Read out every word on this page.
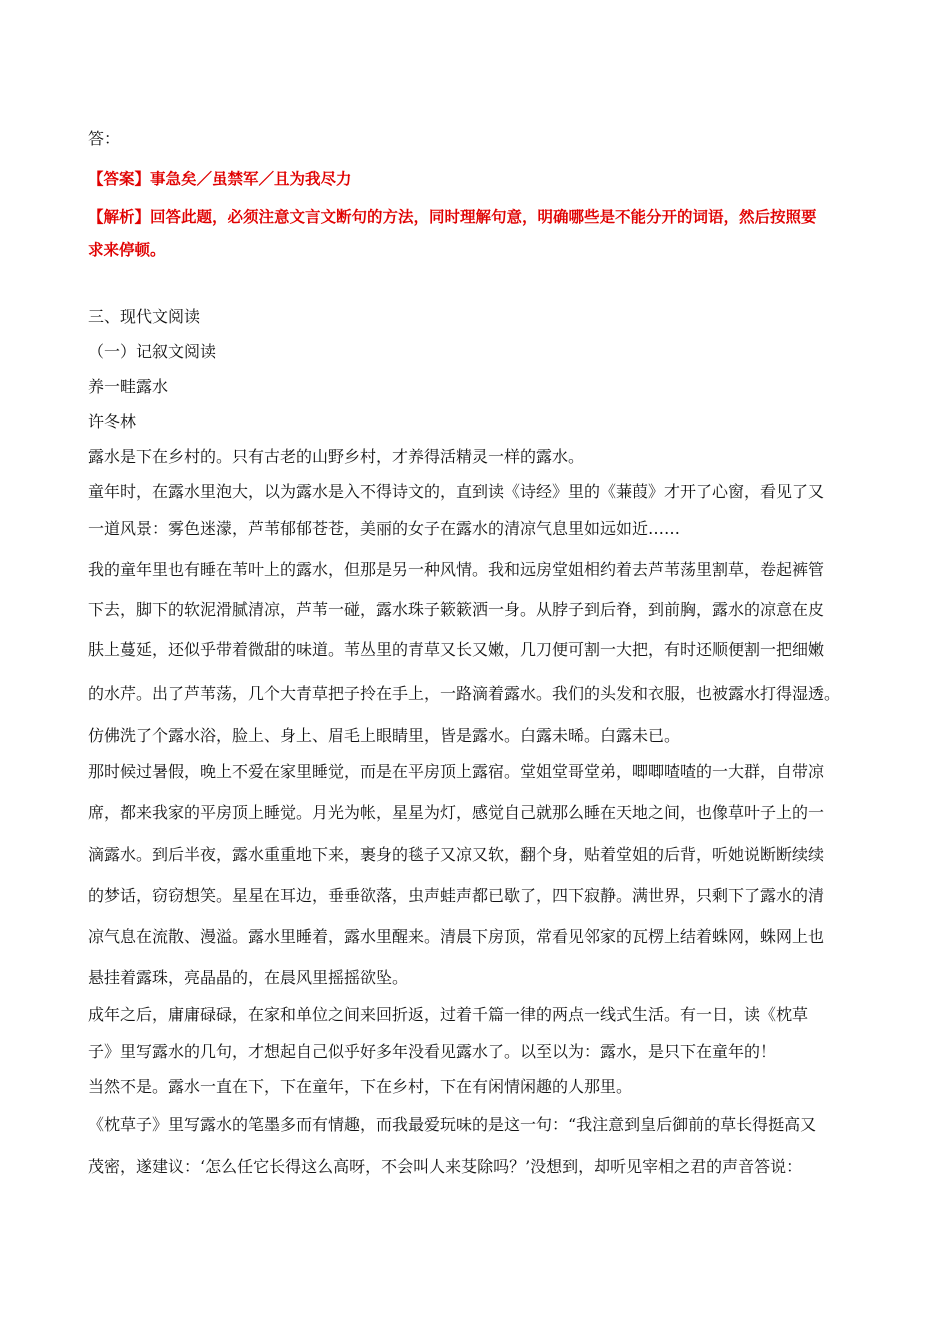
答：
【答案】事急矣／虽禁军／且为我尽力
【解析】回答此题，必须注意文言文断句的方法，同时理解句意，明确哪些是不能分开的词语，然后按照要
求来停顿。
三、现代文阅读
（一）记叙文阅读
养一畦露水
许冬林
露水是下在乡村的。只有古老的山野乡村，才养得活精灵一样的露水。
童年时，在露水里泡大，以为露水是入不得诗文的，直到读《诗经》里的《蒹葭》才开了心窗，看见了又
一道风景：雾色迷濛，芦苇郁郁苍苍，美丽的女子在露水的清凉气息里如远如近……
我的童年里也有睡在苇叶上的露水，但那是另一种风情。我和远房堂姐相约着去芦苇荡里割草，卷起裤管
下去，脚下的软泥滑腻清凉，芦苇一碰，露水珠子簌簌洒一身。从脖子到后脊，到前胸，露水的凉意在皮
肤上蔓延，还似乎带着微甜的味道。苇丛里的青草又长又嫩，几刀便可割一大把，有时还顺便割一把细嫩
的水芹。出了芦苇荡，几个大青草把子拎在手上，一路滴着露水。我们的头发和衣服，也被露水打得湿透。
仿佛洗了个露水浴，脸上、身上、眉毛上眼睛里，皆是露水。白露未晞。白露未已。
那时候过暑假，晚上不爱在家里睡觉，而是在平房顶上露宿。堂姐堂哥堂弟，唧唧喳喳的一大群，自带凉
席，都来我家的平房顶上睡觉。月光为帐，星星为灯，感觉自己就那么睡在天地之间，也像草叶子上的一
滴露水。到后半夜，露水重重地下来，裹身的毯子又凉又软，翻个身，贴着堂姐的后背，听她说断断续续
的梦话，窃窃想笑。星星在耳边，垂垂欲落，虫声蛙声都已歇了，四下寂静。满世界，只剩下了露水的清
凉气息在流散、漫溢。露水里睡着，露水里醒来。清晨下房顶，常看见邻家的瓦楞上结着蛛网，蛛网上也
悬挂着露珠，亮晶晶的，在晨风里摇摇欲坠。
成年之后，庸庸碌碌，在家和单位之间来回折返，过着千篇一律的两点一线式生活。有一日，读《枕草
子》里写露水的几句，才想起自己似乎好多年没看见露水了。以至以为：露水，是只下在童年的！
当然不是。露水一直在下，下在童年，下在乡村，下在有闲情闲趣的人那里。
《枕草子》里写露水的笔墨多而有情趣，而我最爱玩味的是这一句：“我注意到皇后御前的草长得挺高又
茂密，遂建议：‘怎么任它长得这么高呀，不会叫人来芟除吗？’没想到，却听见宰相之君的声音答说：
